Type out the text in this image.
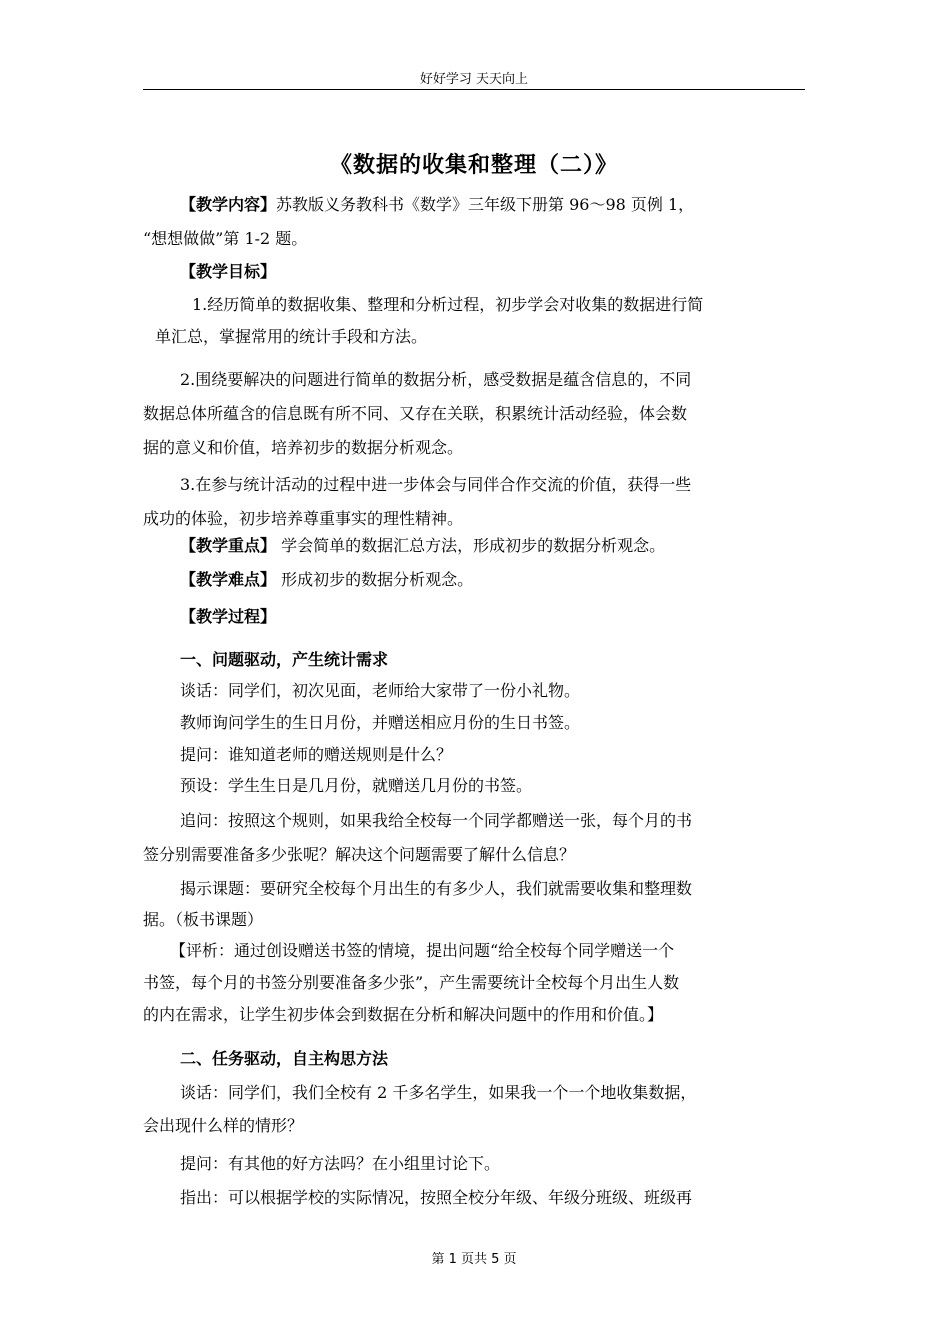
好好学习 天天向上
《数据的收集和整理（二）》
【教学内容】苏教版义务教科书《数学》三年级下册第 96～98 页例 1，
“想想做做”第 1-2 题。
【教学目标】
1.经历简单的数据收集、整理和分析过程，初步学会对收集的数据进行简
单汇总，掌握常用的统计手段和方法。
2.围绕要解决的问题进行简单的数据分析，感受数据是蕴含信息的，不同
数据总体所蕴含的信息既有所不同、又存在关联，积累统计活动经验，体会数
据的意义和价值，培养初步的数据分析观念。
3.在参与统计活动的过程中进一步体会与同伴合作交流的价值，获得一些
成功的体验，初步培养尊重事实的理性精神。
【教学重点】 学会简单的数据汇总方法，形成初步的数据分析观念。
【教学难点】 形成初步的数据分析观念。
【教学过程】
一、问题驱动，产生统计需求
谈话：同学们，初次见面，老师给大家带了一份小礼物。
教师询问学生的生日月份，并赠送相应月份的生日书签。
提问：谁知道老师的赠送规则是什么？
预设：学生生日是几月份，就赠送几月份的书签。
追问：按照这个规则，如果我给全校每一个同学都赠送一张，每个月的书
签分别需要准备多少张呢？解决这个问题需要了解什么信息？
揭示课题：要研究全校每个月出生的有多少人，我们就需要收集和整理数
据。（板书课题）
【评析：通过创设赠送书签的情境，提出问题“给全校每个同学赠送一个
书签，每个月的书签分别要准备多少张”，产生需要统计全校每个月出生人数
的内在需求，让学生初步体会到数据在分析和解决问题中的作用和价值。】
二、任务驱动，自主构思方法
谈话：同学们，我们全校有 2 千多名学生，如果我一个一个地收集数据，
会出现什么样的情形？
提问：有其他的好方法吗？在小组里讨论下。
指出：可以根据学校的实际情况，按照全校分年级、年级分班级、班级再
第 1 页共 5 页
